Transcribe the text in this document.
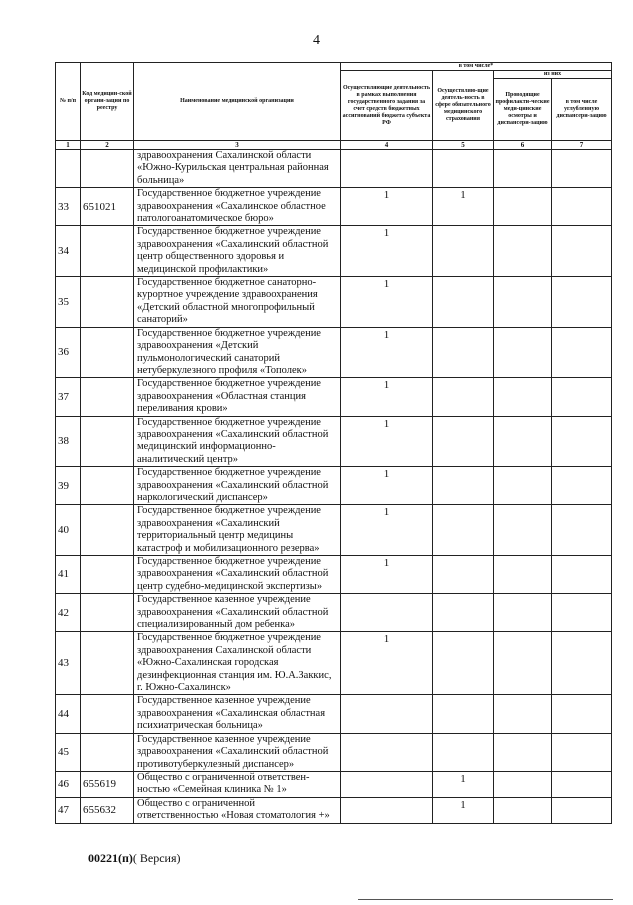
4
№ п/п	Код медицин-ской органи-зации по реестру	Наименование медицинской организации	в том числе*			
			Осуществляющие деятельность в рамках выполнения государственного задания за счет средств бюджетных ассигнований бюджета субъекта РФ	Осуществляю-щие деятель-ность в сфере обязательного медицинского страхования	из них	
					Проводящие профилакти-ческие меди-цинские осмотры и диспансери-зацию	в том числе углубленную диспансери-зацию
1	2	3	4	5	6	7
		здравоохранения Сахалинской области «Южно-Курильская центральная районная больница»				
33	651021	Государственное бюджетное учреждение здравоохранения «Сахалинское областное патологоанатомическое бюро»	1	1		
34		Государственное бюджетное учреждение здравоохранения «Сахалинский областной центр общественного здоровья и медицинской профилактики»	1			
35		Государственное бюджетное санаторно-курортное учреждение здравоохранения «Детский областной многопрофильный санаторий»	1			
36		Государственное бюджетное учреждение здравоохранения «Детский пульмонологический санаторий нетуберкулезного профиля «Тополек»	1			
37		Государственное бюджетное учреждение здравоохранения «Областная станция переливания крови»	1			
38		Государственное бюджетное учреждение здравоохранения «Сахалинский областной медицинский информационно-аналитический центр»	1			
39		Государственное бюджетное учреждение здравоохранения «Сахалинский областной наркологический диспансер»	1			
40		Государственное бюджетное учреждение здравоохранения «Сахалинский территориальный центр медицины катастроф и мобилизационного резерва»	1			
41		Государственное бюджетное учреждение здравоохранения «Сахалинский областной центр судебно-медицинской экспертизы»	1			
42		Государственное казенное учреждение здравоохранения «Сахалинский областной специализированный дом ребенка»				
43		Государственное бюджетное учреждение здравоохранения Сахалинской области «Южно-Сахалинская городская дезинфекционная станция им. Ю.А.Заккис, г. Южно-Сахалинск»	1			
44		Государственное казенное учреждение здравоохранения «Сахалинская областная психиатрическая больница»				
45		Государственное казенное учреждение здравоохранения «Сахалинский областной противотуберкулезный диспансер»				
46	655619	Общество с ограниченной ответствен-ностью «Семейная клиника № 1»		1		
47	655632	Общество с ограниченной ответственностью «Новая стоматология +»		1		
00221(п)( Версия)
